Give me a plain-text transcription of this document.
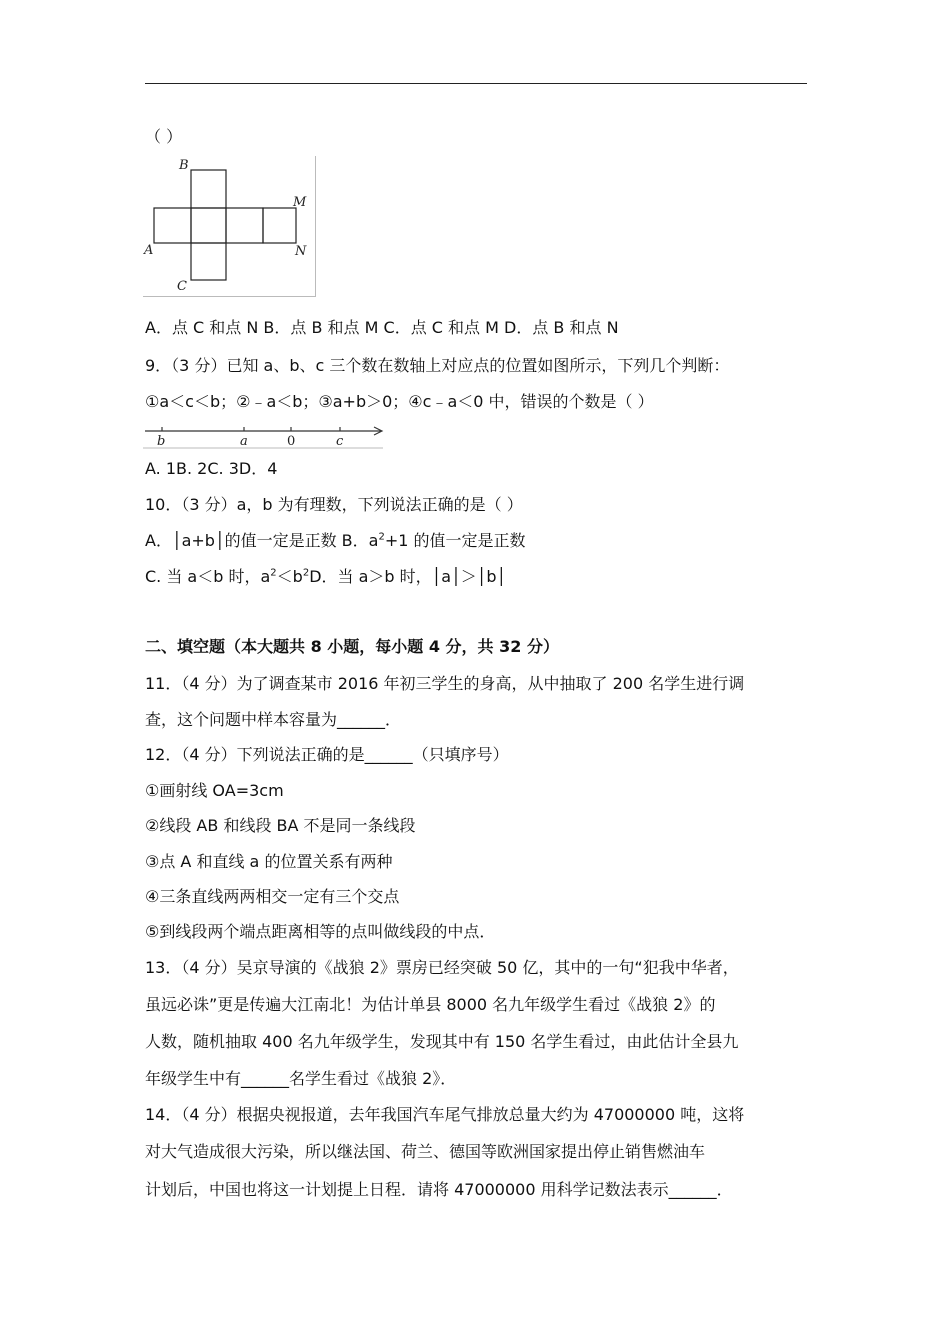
（ ）
B
M
A	N
C
A．点 C 和点 N B．点 B 和点 M C．点 C 和点 M D．点 B 和点 N
9．（3 分）已知 a、b、c 三个数在数轴上对应点的位置如图所示，下列几个判断：
①a＜c＜b；②﹣a＜b；③a+b＞0；④c﹣a＜0 中，错误的个数是（ ）
b	a	0	c
A. 1B. 2C. 3D．4
10．（3 分）a，b 为有理数，下列说法正确的是（ ）
A．│a+b│的值一定是正数 B．$a^2+1$ 的值一定是正数
C. 当 a＜b 时，$a^2<b^2D$．当 a＞b 时，│a│＞│b│
二、填空题（本大题共 8 小题，每小题 4 分，共 32 分）
11．（4 分）为了调查某市 2016 年初三学生的身高，从中抽取了 200 名学生进行调
查，这个问题中样本容量为______．
12．（4 分）下列说法正确的是______（只填序号）
①画射线 OA=3cm
②线段 AB 和线段 BA 不是同一条线段
③点 A 和直线 a 的位置关系有两种
④三条直线两两相交一定有三个交点
⑤到线段两个端点距离相等的点叫做线段的中点．
13．（4 分）吴京导演的《战狼 2》票房已经突破 50 亿，其中的一句“犯我中华者，
虽远必诛”更是传遍大江南北！为估计单县 8000 名九年级学生看过《战狼 2》的
人数，随机抽取 400 名九年级学生，发现其中有 150 名学生看过，由此估计全县九
年级学生中有______名学生看过《战狼 2》．
14．（4 分）根据央视报道，去年我国汽车尾气排放总量大约为 47000000 吨，这将
对大气造成很大污染，所以继法国、荷兰、德国等欧洲国家提出停止销售燃油车
计划后，中国也将这一计划提上日程．请将 47000000 用科学记数法表示______．
